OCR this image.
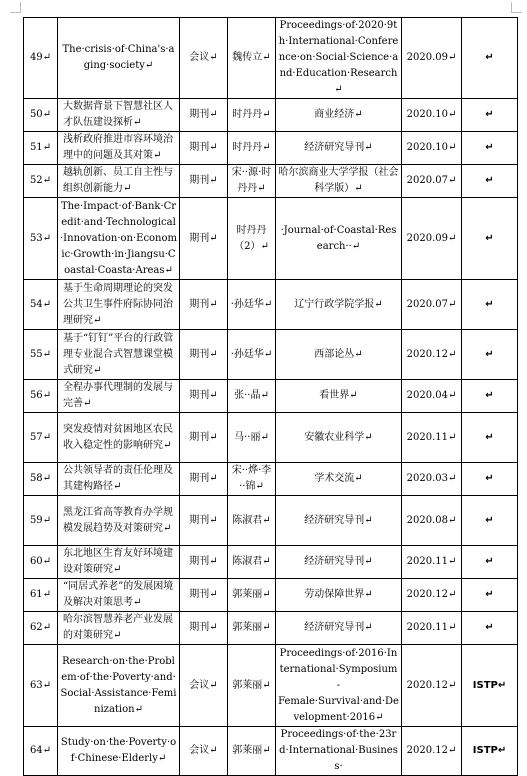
49↵	The·crisis·of·China's·aging·society↵	会议↵	魏传立↵	Proceedings·of·2020·9th·International·Conference·on·Social·Science·and·Education·Research↵	2020.09↵	↵
50↵	大数据背景下智慧社区人才队伍建设探析↵	期刊↵	时丹丹↵	商业经济↵	2020.10↵	↵
51↵	浅析政府推进市容环境治理中的问题及其对策↵	期刊↵	时丹丹↵	经济研究导刊↵	2020.10↵	↵
52↵	越轨创新、员工自主性与组织创新能力↵	期刊↵	宋··源·时丹丹↵	哈尔滨商业大学学报（社会科学版）↵	2020.07↵	↵
53↵	The·Impact·of·Bank·Credit·and·Technological·Innovation·on·Economic·Growth·in·Jiangsu·Coastal·Coasta·Areas↵	期刊↵	时丹丹（2）↵	·Journal·of·Coastal·Research··↵	2020.09↵	↵
54↵	基于生命周期理论的突发公共卫生事件府际协同治理研究↵	期刊↵	·孙廷华↵	辽宁行政学院学报↵	2020.07↵	↵
55↵	基于“钉钉”平台的行政管理专业混合式智慧课堂模式研究↵	期刊↵	·孙廷华↵	西部论丛↵	2020.12↵	↵
56↵	全程办事代理制的发展与完善↵	期刊↵	张··晶↵	看世界↵	2020.04↵	↵
57↵	突发疫情对贫困地区农民收入稳定性的影响研究↵	期刊↵	马··丽↵	安徽农业科学↵	2020.11↵	↵
58↵	公共领导者的责任伦理及其建构路径↵	期刊↵	宋··烨·李··锦↵	学术交流↵	2020.03↵	↵
59↵	黑龙江省高等教育办学规模发展趋势及对策研究↵	期刊↵	陈淑君↵	经济研究导刊↵	2020.08↵	↵
60↵	东北地区生育友好环境建设对策研究↵	期刊↵	陈淑君↵	经济研究导刊↵	2020.11↵	↵
61↵	“同居式养老”的发展困境及解决对策思考↵	期刊↵	郭莱丽↵	劳动保障世界↵	2020.12↵	↵
62↵	哈尔滨智慧养老产业发展的对策研究↵	期刊↵	郭莱丽↵	经济研究导刊↵	2020.11↵	↵
63↵	Research·on·the·Problem·of·the·Poverty·and·Social·Assistance·Feminization↵	会议↵	郭莱丽↵	Proceedings·of·2016·International·Symposium-Female·Survival·and·Development·2016↵	2020.12↵	ISTP↵
64↵	Study·on·the·Poverty·of·Chinese·Elderly↵	会议↵	郭莱丽↵	Proceedings·of·the·23rd·International·Business·	2020.12↵	ISTP↵
